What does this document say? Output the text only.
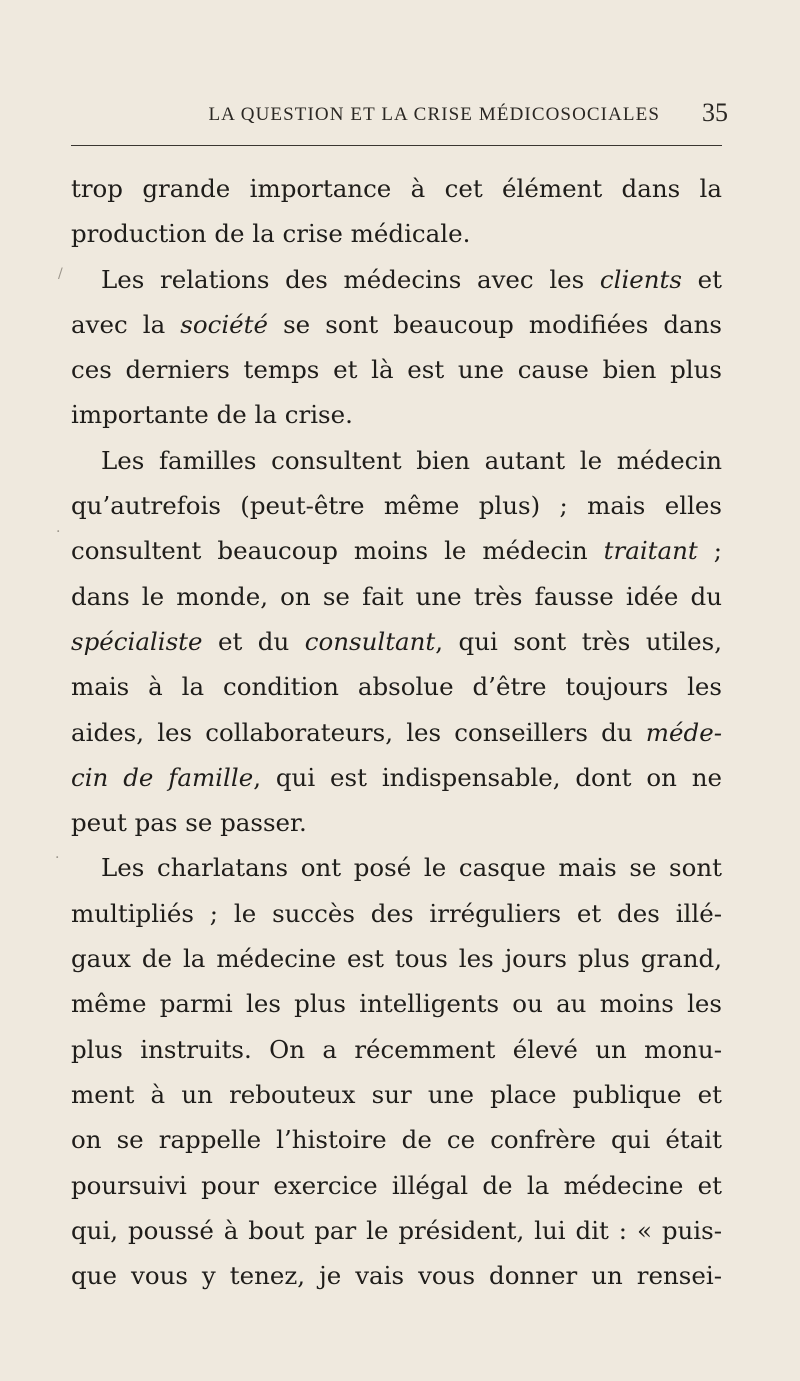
LA QUESTION ET LA CRISE MÉDICOSOCIALES	35
trop grande importance à cet élément dans la
production de la crise médicale.
Les relations des médecins avec les clients et
avec la société se sont beaucoup modifiées dans
ces derniers temps et là est une cause bien plus
importante de la crise.
Les familles consultent bien autant le médecin
qu’autrefois (peut-être même plus) ; mais elles
consultent beaucoup moins le médecin traitant ;
dans le monde, on se fait une très fausse idée du
spécialiste et du consultant, qui sont très utiles,
mais à la condition absolue d’être toujours les
aides, les collaborateurs, les conseillers du méde-
cin de famille, qui est indispensable, dont on ne
peut pas se passer.
Les charlatans ont posé le casque mais se sont
multipliés ; le succès des irréguliers et des illé-
gaux de la médecine est tous les jours plus grand,
même parmi les plus intelligents ou au moins les
plus instruits. On a récemment élevé un monu-
ment à un rebouteux sur une place publique et
on se rappelle l’histoire de ce confrère qui était
poursuivi pour exercice illégal de la médecine et
qui, poussé à bout par le président, lui dit : « puis-
que vous y tenez, je vais vous donner un rensei-
/
·
·
